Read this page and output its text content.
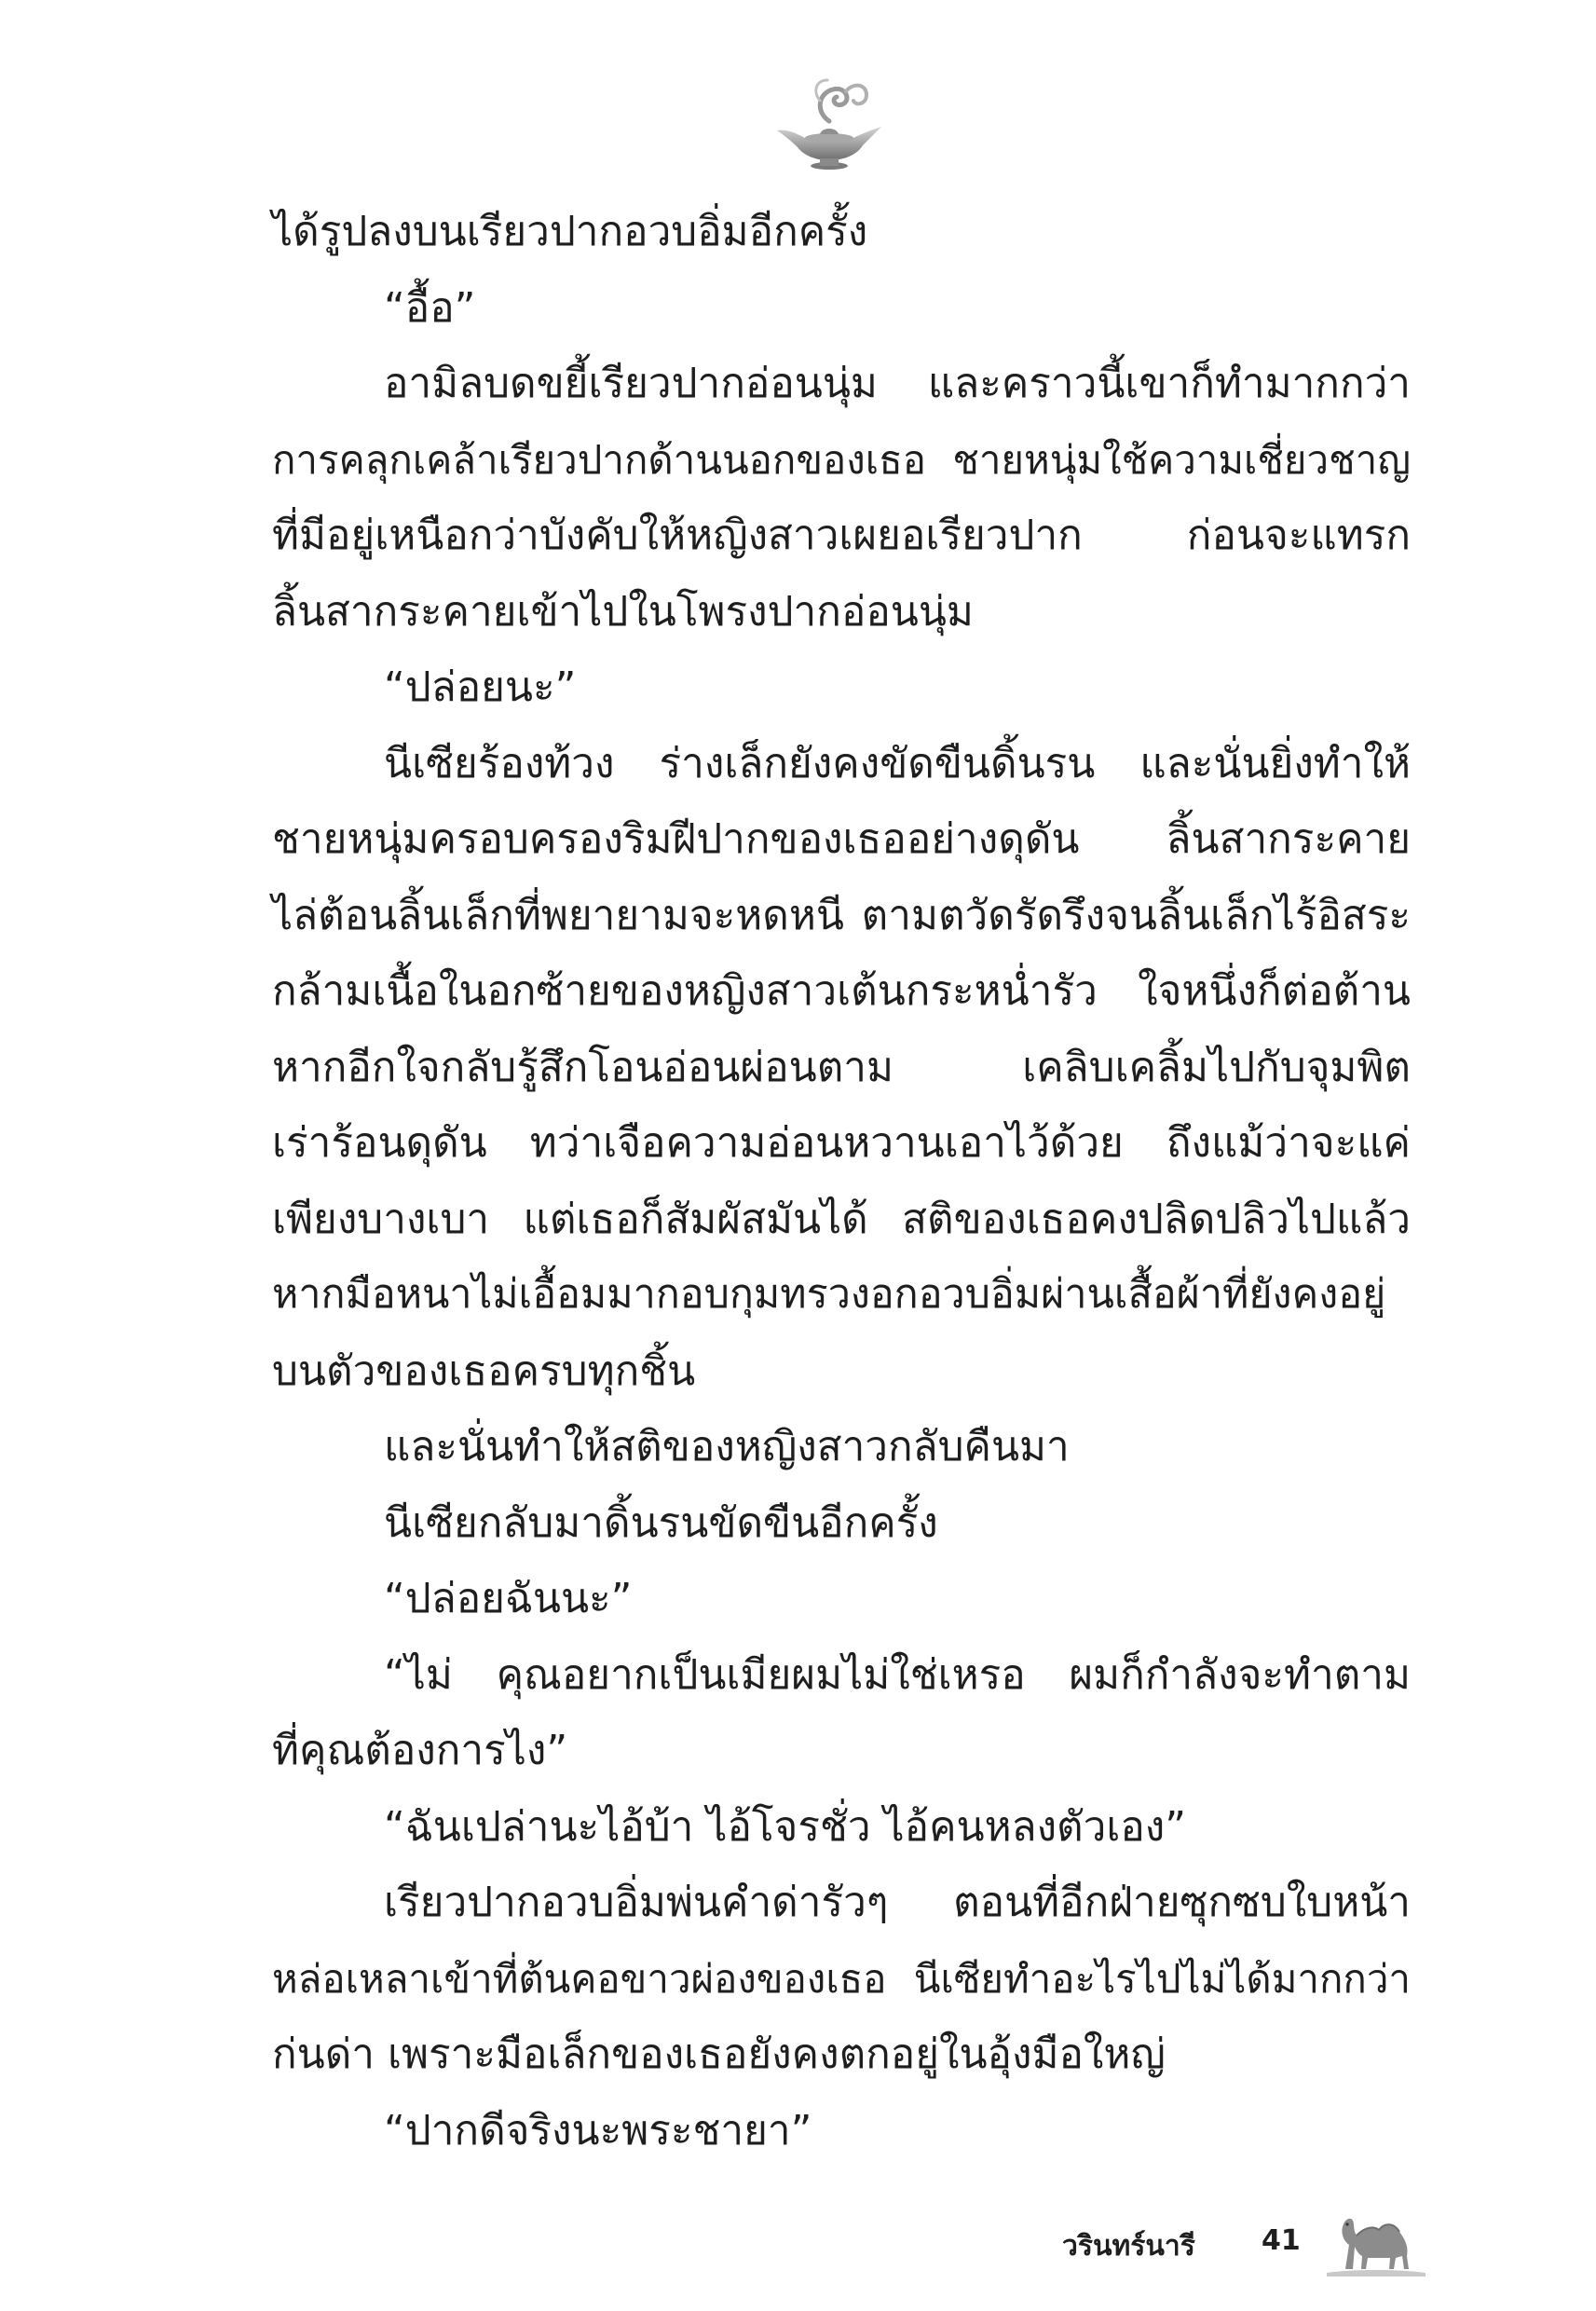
ได้รูปลงบนเรียวปากอวบอิ่มอีกครั้ง
“อื้อ”
อามิลบดขยี้เรียวปากอ่อนนุ่ม และคราวนี้เขาก็ทำมากกว่า
การคลุกเคล้าเรียวปากด้านนอกของเธอ ชายหนุ่มใช้ความเชี่ยวชาญ
ที่มีอยู่เหนือกว่าบังคับให้หญิงสาวเผยอเรียวปาก ก่อนจะแทรก
ลิ้นสากระคายเข้าไปในโพรงปากอ่อนนุ่ม
“ปล่อยนะ”
นีเซียร้องท้วง ร่างเล็กยังคงขัดขืนดิ้นรน และนั่นยิ่งทำให้
ชายหนุ่มครอบครองริมฝีปากของเธออย่างดุดัน ลิ้นสากระคาย
ไล่ต้อนลิ้นเล็กที่พยายามจะหดหนี ตามตวัดรัดรึงจนลิ้นเล็กไร้อิสระ
กล้ามเนื้อในอกซ้ายของหญิงสาวเต้นกระหน่ำรัว ใจหนึ่งก็ต่อต้าน
หากอีกใจกลับรู้สึกโอนอ่อนผ่อนตาม เคลิบเคลิ้มไปกับจุมพิต
เร่าร้อนดุดัน ทว่าเจือความอ่อนหวานเอาไว้ด้วย ถึงแม้ว่าจะแค่
เพียงบางเบา แต่เธอก็สัมผัสมันได้ สติของเธอคงปลิดปลิวไปแล้ว
หากมือหนาไม่เอื้อมมากอบกุมทรวงอกอวบอิ่มผ่านเสื้อผ้าที่ยังคงอยู่
บนตัวของเธอครบทุกชิ้น
และนั่นทำให้สติของหญิงสาวกลับคืนมา
นีเซียกลับมาดิ้นรนขัดขืนอีกครั้ง
“ปล่อยฉันนะ”
“ไม่ คุณอยากเป็นเมียผมไม่ใช่เหรอ ผมก็กำลังจะทำตาม
ที่คุณต้องการไง”
“ฉันเปล่านะไอ้บ้า ไอ้โจรชั่ว ไอ้คนหลงตัวเอง”
เรียวปากอวบอิ่มพ่นคำด่ารัวๆ ตอนที่อีกฝ่ายซุกซบใบหน้า
หล่อเหลาเข้าที่ต้นคอขาวผ่องของเธอ นีเซียทำอะไรไปไม่ได้มากกว่า
ก่นด่า เพราะมือเล็กของเธอยังคงตกอยู่ในอุ้งมือใหญ่
“ปากดีจริงนะพระชายา”
วรินทร์นารี 41
